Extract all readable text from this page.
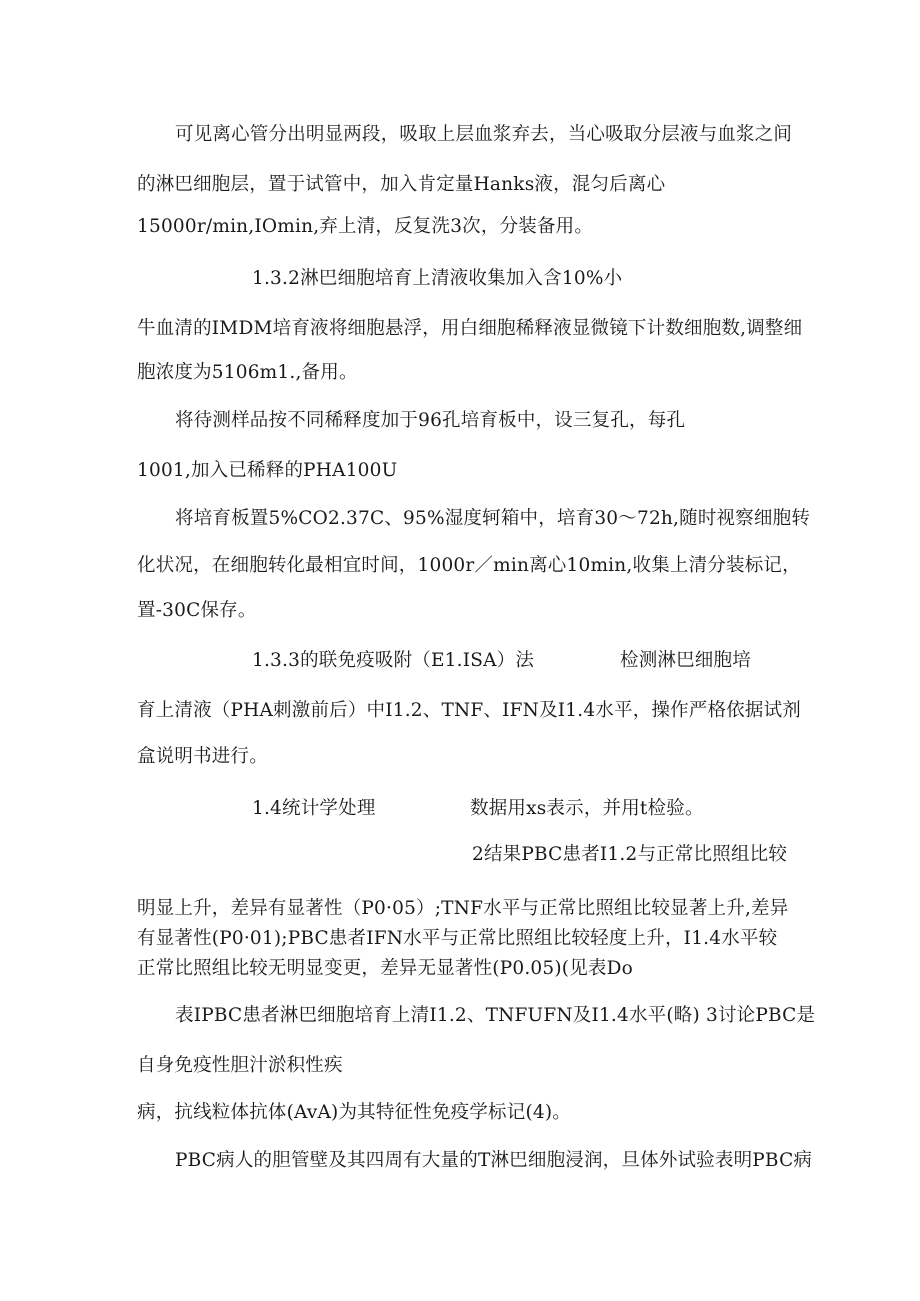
可见离心管分出明显两段，吸取上层血浆弃去，当心吸取分层液与血浆之间
的淋巴细胞层，置于试管中，加入肯定量Hanks液，混匀后离心
15000r/min,IOmin,弃上清，反复洗3次，分装备用。
1.3.2淋巴细胞培育上清液收集加入含10%小
牛血清的IMDM培育液将细胞悬浮，用白细胞稀释液显微镜下计数细胞数,调整细
胞浓度为5106m1.,备用。
将待测样品按不同稀释度加于96孔培育板中，设三复孔，每孔
1001,加入已稀释的PHA100U
将培育板置5%CO2.37C、95%湿度轲箱中，培育30～72h,随时视察细胞转
化状况，在细胞转化最相宜时间，1000r／min离心10min,收集上清分装标记，
置-30C保存。
1.3.3的联免疫吸附（E1.ISA）法	检测淋巴细胞培
育上清液（PHA刺激前后）中I1.2、TNF、IFN及I1.4水平，操作严格依据试剂
盒说明书进行。
1.4统计学处理	数据用xs表示，并用t检验。
2结果PBC患者I1.2与正常比照组比较
明显上升，差异有显著性（P0·05）;TNF水平与正常比照组比较显著上升,差异
有显著性(P0·01);PBC患者IFN水平与正常比照组比较轻度上升，I1.4水平较
正常比照组比较无明显变更，差异无显著性(P0.05)(见表Do
表IPBC患者淋巴细胞培育上清I1.2、TNFUFN及I1.4水平(略) 3讨论PBC是
自身免疫性胆汁淤积性疾
病，抗线粒体抗体(AvA)为其特征性免疫学标记(4)。
PBC病人的胆管壁及其四周有大量的T淋巴细胞浸润，旦体外试验表明PBC病
